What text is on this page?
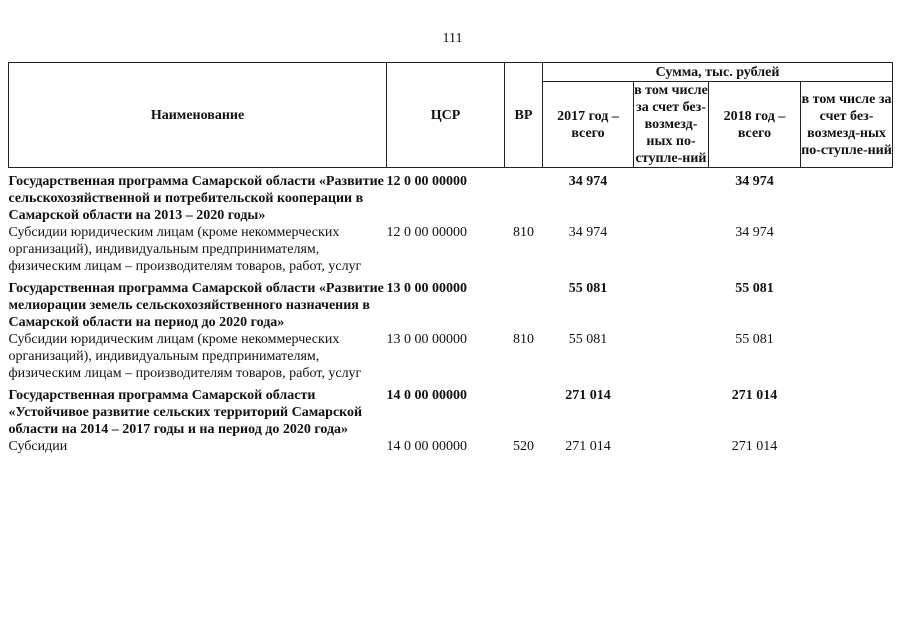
111
Наименование	ЦСР	ВР	Сумма, тыс. рублей			
			2017 год – всего	в том числе за счет без-возмезд-ных по-ступле-ний	2018 год – всего	в том числе за счет без-возмезд-ных по-ступле-ний
Государственная программа Самарской области «Развитие сельскохозяйственной и потребительской кооперации в Самарской области на 2013 – 2020 годы»	12 0 00 00000		34 974		34 974	
Субсидии юридическим лицам (кроме некоммерческих организаций), индивидуальным предпринимателям, физическим лицам – производителям товаров, работ, услуг	12 0 00 00000	810	34 974		34 974	
Государственная программа Самарской области «Развитие мелиорации земель сельскохозяйственного назначения в Самарской области на период до 2020 года»	13 0 00 00000		55 081		55 081	
Субсидии юридическим лицам (кроме некоммерческих организаций), индивидуальным предпринимателям, физическим лицам – производителям товаров, работ, услуг	13 0 00 00000	810	55 081		55 081	
Государственная программа Самарской области «Устойчивое развитие сельских территорий Самарской области на 2014 – 2017 годы и на период до 2020 года»	14 0 00 00000		271 014		271 014	
Субсидии	14 0 00 00000	520	271 014		271 014	
